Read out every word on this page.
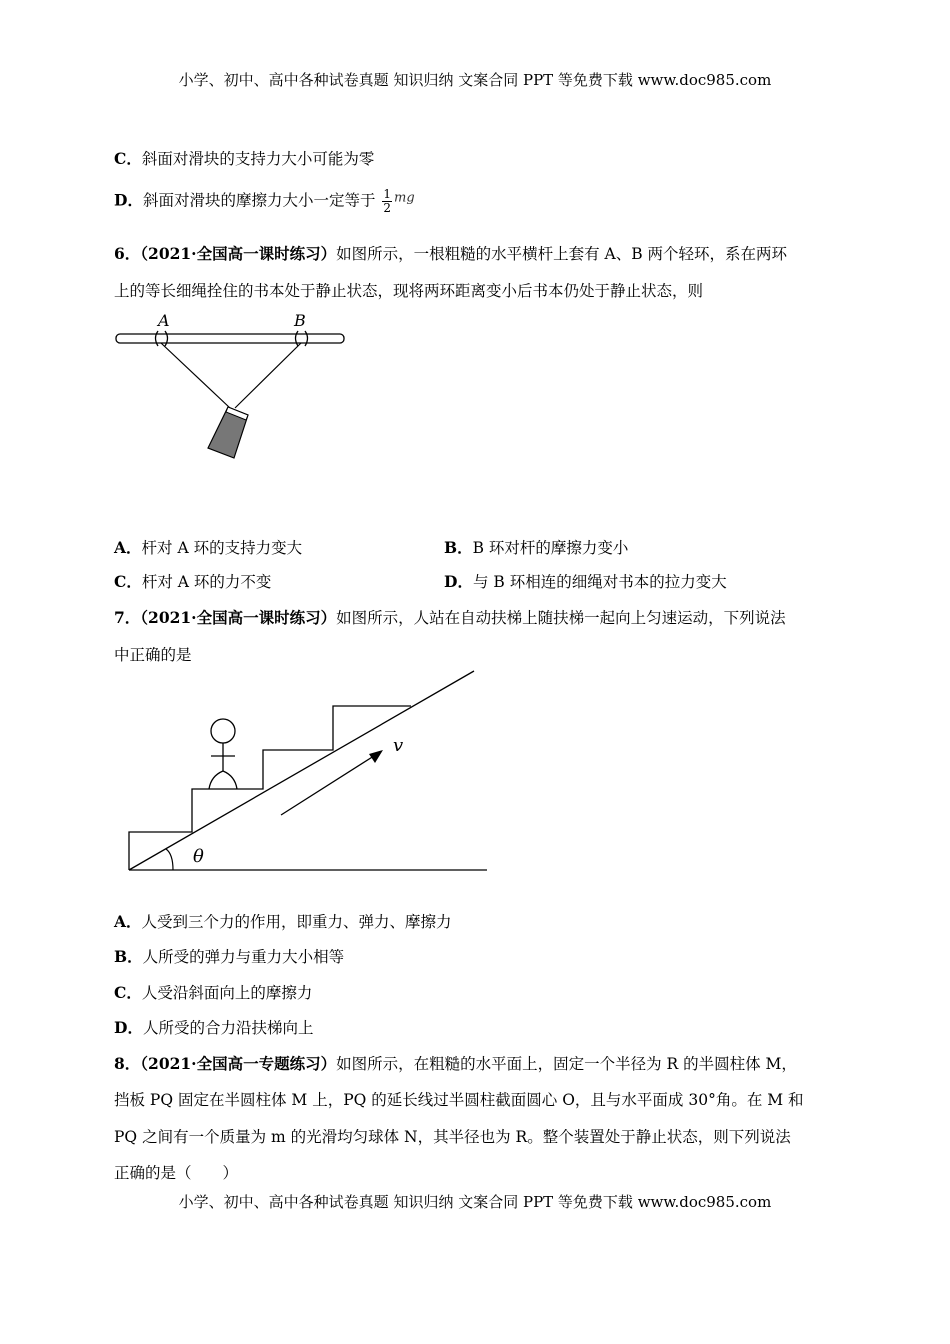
小学、初中、高中各种试卷真题 知识归纳 文案合同 PPT 等免费下载 www.doc985.com
C．斜面对滑块的支持力大小可能为零
D．斜面对滑块的摩擦力大小一定等于 $\frac{1}{2} ^{mg}$
6．（2021·全国高一课时练习）如图所示，一根粗糙的水平横杆上套有 A、B 两个轻环，系在两环
上的等长细绳拴住的书本处于静止状态，现将两环距离变小后书本仍处于静止状态，则
A	B
A．杆对 A 环的支持力变大	B．B 环对杆的摩擦力变小
C．杆对 A 环的力不变	D．与 B 环相连的细绳对书本的拉力变大
7．（2021·全国高一课时练习）如图所示，人站在自动扶梯上随扶梯一起向上匀速运动，下列说法
中正确的是
v
θ
A．人受到三个力的作用，即重力、弹力、摩擦力
B．人所受的弹力与重力大小相等
C．人受沿斜面向上的摩擦力
D．人所受的合力沿扶梯向上
8．（2021·全国高一专题练习）如图所示，在粗糙的水平面上，固定一个半径为 R 的半圆柱体 M，
挡板 PQ 固定在半圆柱体 M 上，PQ 的延长线过半圆柱截面圆心 O，且与水平面成 30°角。在 M 和
PQ 之间有一个质量为 m 的光滑均匀球体 N，其半径也为 R。整个装置处于静止状态，则下列说法
正确的是（　　）
小学、初中、高中各种试卷真题 知识归纳 文案合同 PPT 等免费下载 www.doc985.com
